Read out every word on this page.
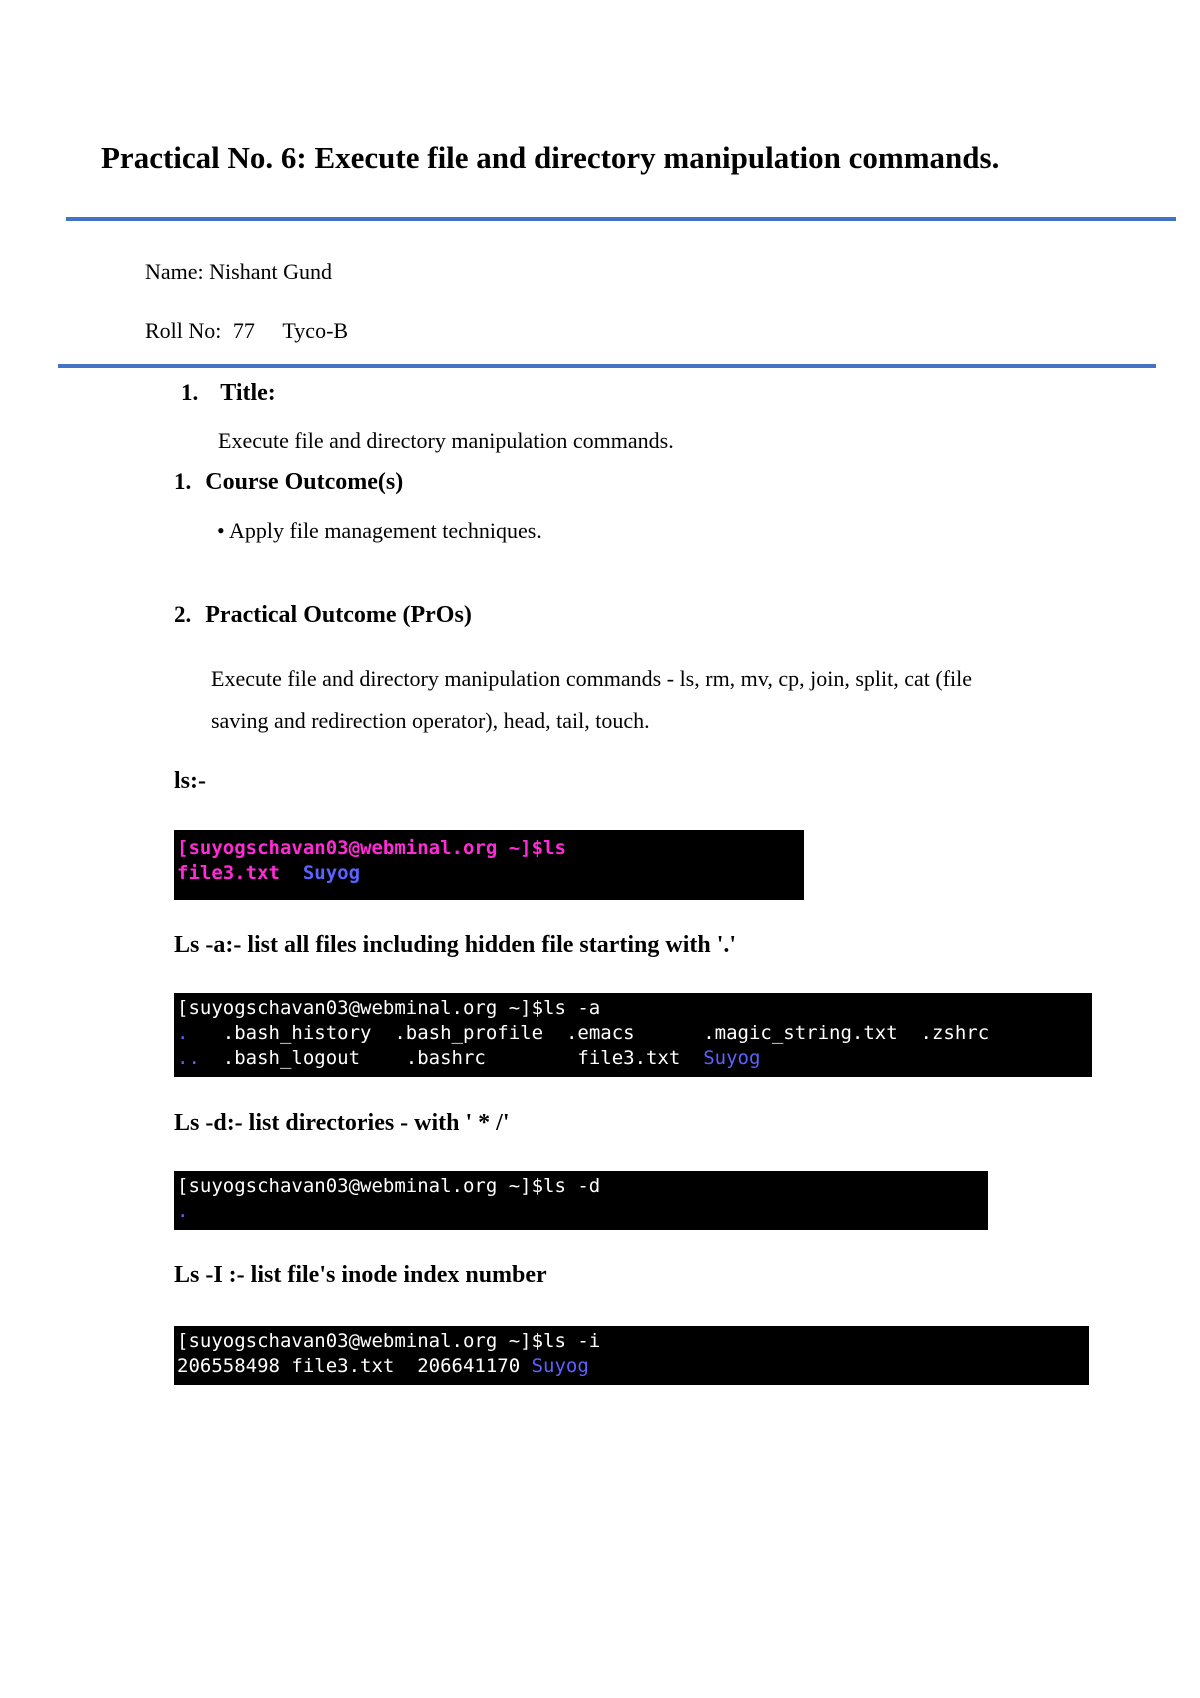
Practical No. 6: Execute file and directory manipulation commands.
Name: Nishant Gund
Roll No: 77 Tyco-B
1. Title:
Execute file and directory manipulation commands.
1. Course Outcome(s)
• Apply file management techniques.
2. Practical Outcome (PrOs)
Execute file and directory manipulation commands - ls, rm, mv, cp, join, split, cat (file
saving and redirection operator), head, tail, touch.
ls:-
[suyogschavan03@webminal.org ~]$ls
file3.txt Suyog
Ls -a:- list all files including hidden file starting with '.'
[suyogschavan03@webminal.org ~]$ls -a
.   .bash_history  .bash_profile  .emacs      .magic_string.txt  .zshrc
..  .bash_logout    .bashrc        file3.txt  Suyog
Ls -d:- list directories - with ' * /'
[suyogschavan03@webminal.org ~]$ls -d
.
Ls -I :- list file's inode index number
[suyogschavan03@webminal.org ~]$ls -i
206558498 file3.txt  206641170 Suyog
